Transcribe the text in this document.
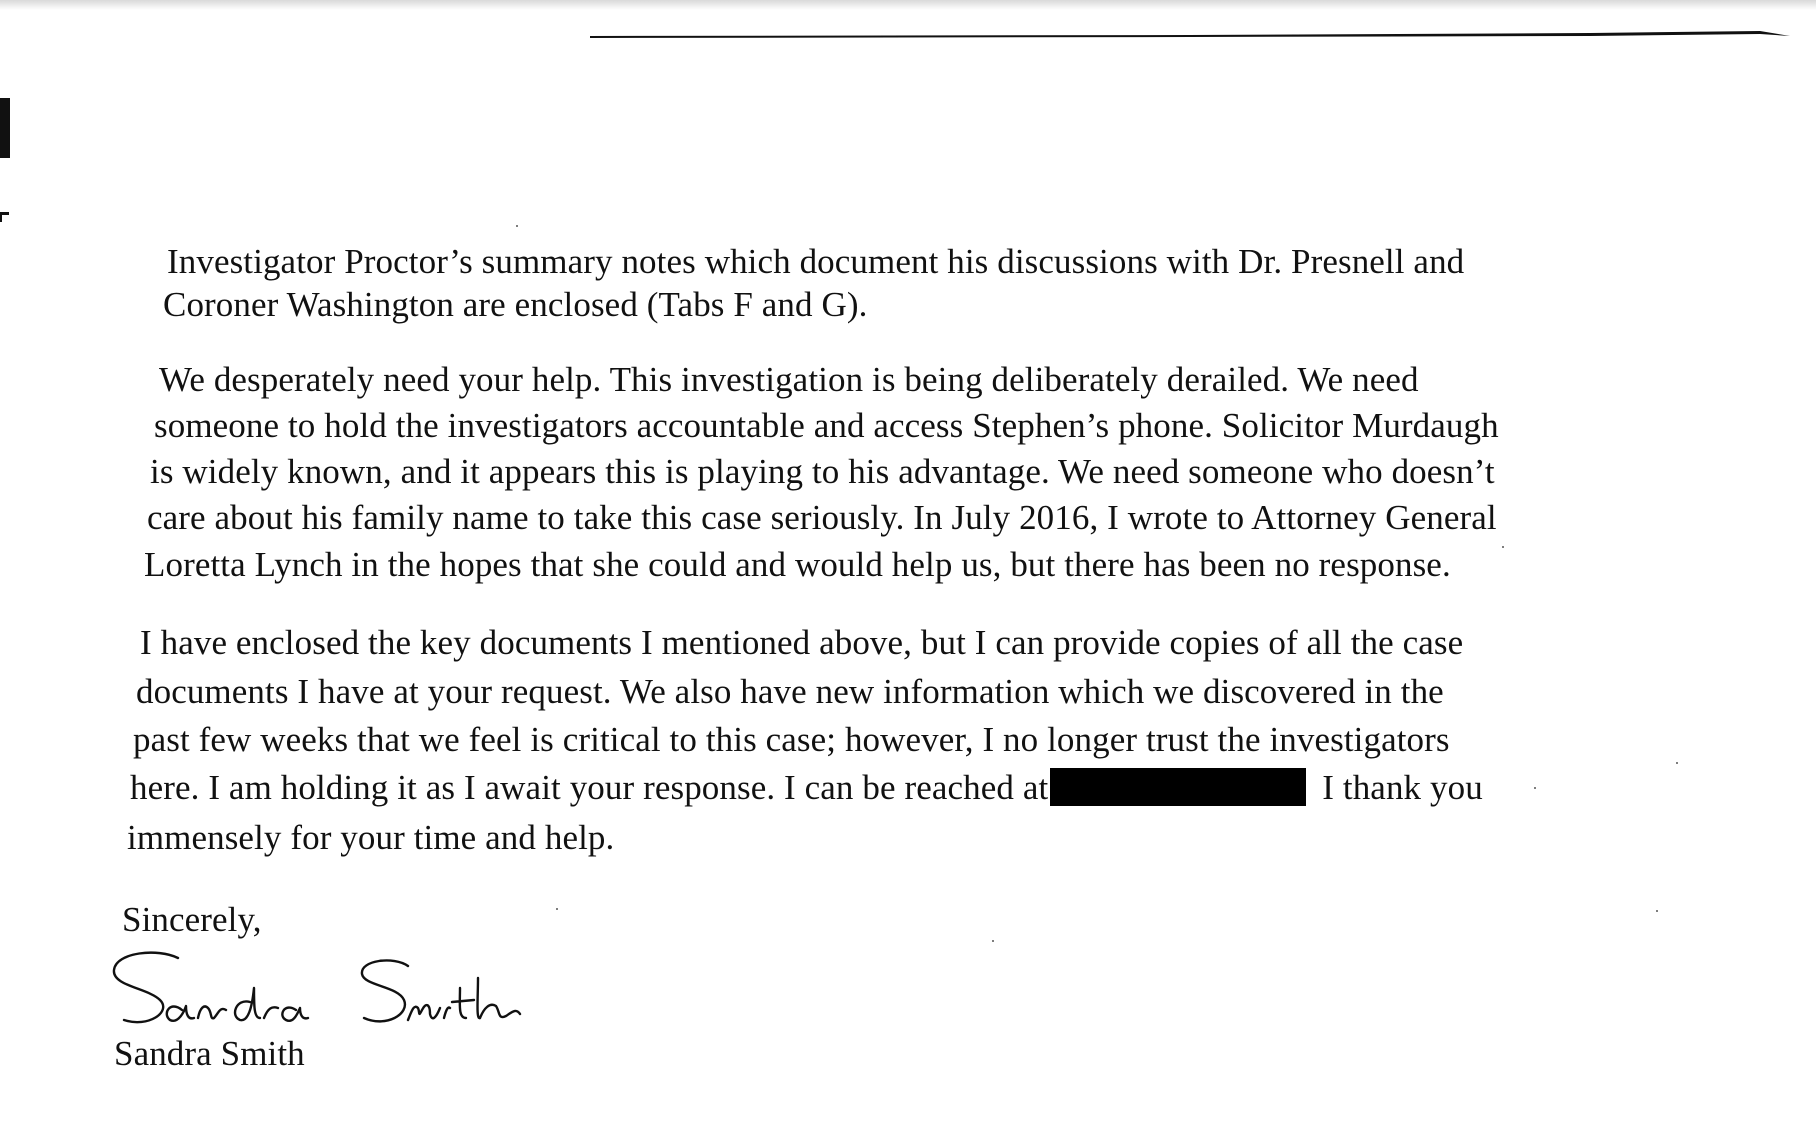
Investigator Proctor’s summary notes which document his discussions with Dr. Presnell and
Coroner Washington are enclosed (Tabs F and G).
We desperately need your help. This investigation is being deliberately derailed. We need
someone to hold the investigators accountable and access Stephen’s phone. Solicitor Murdaugh
is widely known, and it appears this is playing to his advantage. We need someone who doesn’t
care about his family name to take this case seriously. In July 2016, I wrote to Attorney General
Loretta Lynch in the hopes that she could and would help us, but there has been no response.
I have enclosed the key documents I mentioned above, but I can provide copies of all the case
documents I have at your request. We also have new information which we discovered in the
past few weeks that we feel is critical to this case; however, I no longer trust the investigators
here. I am holding it as I await your response. I can be reached at	I thank you
immensely for your time and help.
Sincerely,
Sandra Smith
